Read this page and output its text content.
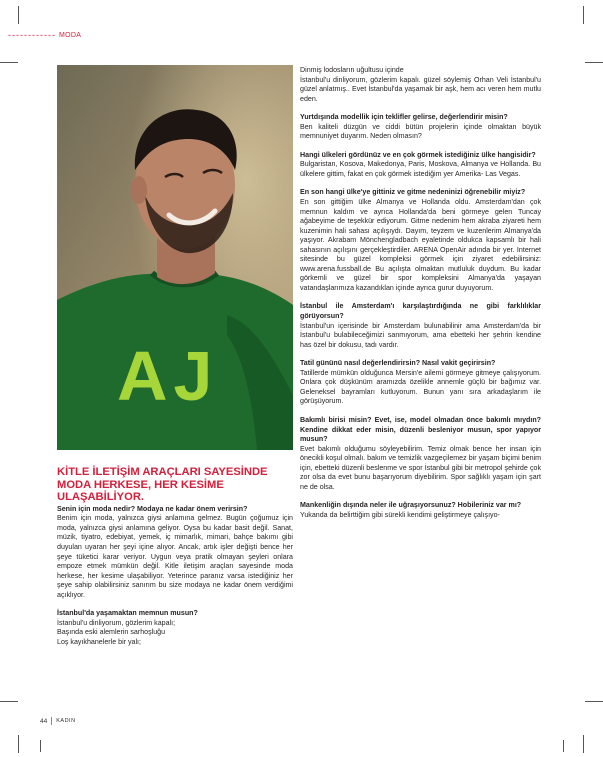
------------ MODA
AJ
KİTLE İLETİŞİM ARAÇLARI SAYESİNDE MODA HERKESE, HER KESİME ULAŞABİLİYOR.
Senin için moda nedir? Modaya ne kadar önem verirsin?
Benim için moda, yalnızca giysi anlamına gelmez. Bugün çoğumuz için moda, yalnızca giysi anlamına geliyor. Oysa bu kadar basit değil. Sanat, müzik, tiyatro, edebiyat, yemek, iç mimarlık, mimari, bahçe bakımı gibi duyulan uyaran her şeyi içine alıyor. Ancak, artık işler değişti bence her şeye tüketici karar veriyor. Uygun veya pratik olmayan şeyleri onlara empoze etmek mümkün değil. Kitle iletişim araçları sayesinde moda herkese, her kesime ulaşabiliyor. Yeterince paranız varsa istediğiniz her şeye sahip olabilirsiniz sanırım bu size modaya ne kadar önem verdiğimi açıklıyor.
İstanbul'da yaşamaktan memnun musun?
İstanbul'u dinliyorum, gözlerim kapalı;
Başında eski alemlerin sarhoşluğu
Loş kayıkhanelerle bir yalı;
Dinmiş lodosların uğultusu içinde
İstanbul'u dinliyorum, gözlerim kapalı. güzel söylemiş Orhan Veli İstanbul'u güzel anlatmış.. Evet İstanbul'da yaşamak bir aşk, hem acı veren hem mutlu eden.
Yurtdışında modellik için teklifler gelirse, değerlendirir misin?
Ben kaliteli düzgün ve ciddi bütün projelerin içinde olmaktan büyük memnuniyet duyarım. Neden olmasın?
Hangi ülkeleri gördünüz ve en çok görmek istediğiniz ülke hangisidir?
Bulgaristan, Kosova, Makedonya, Paris, Moskova, Almanya ve Hollanda. Bu ülkelere gittim, fakat en çok görmek istediğim yer Amerika- Las Vegas.
En son hangi ülke'ye gittiniz ve gitme nedeninizi öğrenebilir miyiz?
En son gittiğim ülke Almanya ve Hollanda oldu. Amsterdam'dan çok memnun kaldım ve ayrıca Hollanda'da beni görmeye gelen Tuncay ağabeyime de teşekkür ediyorum. Gitme nedenim hem akraba ziyareti hem kuzenimin hali sahası açılışıydı. Dayım, teyzem ve kuzenlerim Almanya'da yaşıyor. Akrabam Mönchengladbach eyaletinde oldukca kapsamlı bir hali sahasının açılışını gerçekleştirdiler. ARENA OpenAir adında bir yer. Internet sitesinde bu güzel kompleksi görmek için ziyaret edebilirsiniz: www.arena.fussball.de Bu açılışta olmaktan mutluluk duydum. Bu kadar görkemli ve güzel bir spor kompleksini Almanya'da yaşayan vatandaşlarımıza kazandıklan içinde ayrıca gurur duyuyorum.
İstanbul ile Amsterdam'ı karşılaştırdığında ne gibi farklılıklar görüyorsun?
İstanbul'un içerisinde bir Amsterdam bulunabilinir ama Amsterdam'da bir İstanbul'u bulabileceğimizi sanmıyorum, ama ebetteki her şehrin kendine has özel bir dokusu, tadı vardır.
Tatil gününü nasıl değerlendirirsin? Nasıl vakit geçirirsin?
Tatillerde mümkün olduğunca Mersin'e ailemi görmeye gitmeye çalışıyorum. Onlara çok düşkünüm aramızda özelikle annemle güçlü bir bağımız var. Geleneksel bayramları kutluyorum. Bunun yanı sıra arkadaşlarım ile görüşüyorum.
Bakımlı birisi misin? Evet, ise, model olmadan önce bakımlı mıydın? Kendine dikkat eder misin, düzenli besleniyor musun, spor yapıyor musun?
Evet bakımlı olduğumu söyleyebilirim. Temiz olmak bence her insan için önecikli koşul olmalı. bakım ve temizlik vazgeçilemez bir yaşam biçimi benim için, ebetteki düzenli beslenme ve spor İstanbul gibi bir metropol şehirde çok zor olsa da evet bunu başarıyorum diyebilirim. Spor sağlıklı yaşam için şart ne de olsa.
Mankenliğin dışında neler ile uğraşıyorsunuz? Hobileriniz var mı?
Yukanda da belirttiğim gibi sürekli kendimi geliştirmeye çalışıyo-
44 KADIN
